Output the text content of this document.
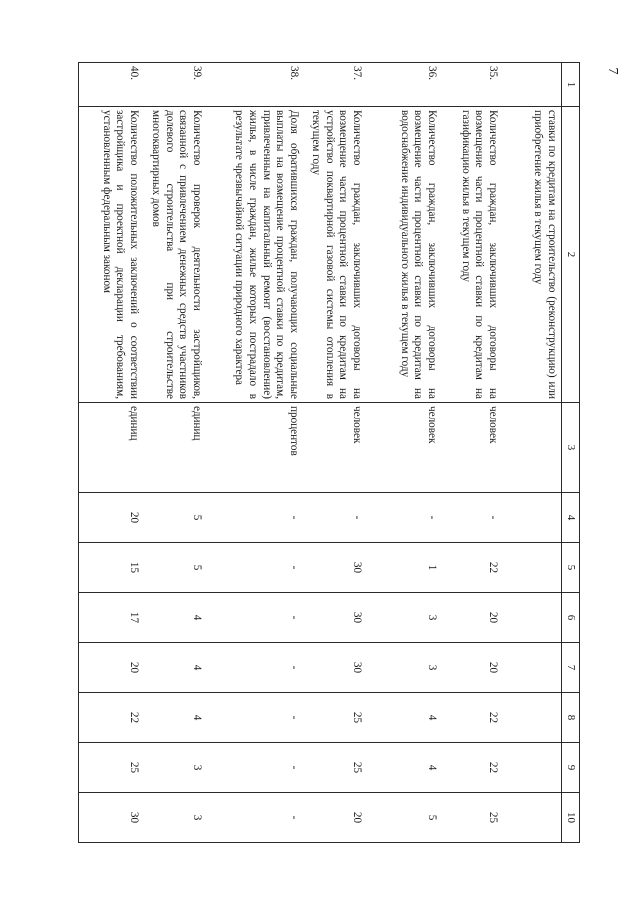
7
1	2	3	4	5	6	7	8	9	10
	ставки по кредитам на строительство (реконструкцию) или приобретение жилья в текущем году								
35.	Количество граждан, заключивших договоры на возмещение части процентной ставки по кредитам на газификацию жилья в текущем году	человек	-	22	20	20	22	22	25
36.	Количество граждан, заключивших договоры на возмещение части процентной ставки по кредитам на водоснабжение индивидуального жилья в текущем году	человек	-	1	3	3	4	4	5
37.	Количество граждан, заключивших договоры на возмещение части процентной ставки по кредитам на устройство поквартирной газовой системы отопления в текущем году	человек	-	30	30	30	25	25	20
38.	Доля обратившихся граждан, получающих социальные выплаты на возмещение процентной ставки по кредитам, привлеченным на капитальный ремонт (восстановление) жилья, в числе граждан, жилье которых пострадало в результате чрезвычайной ситуации природного характера	процентов	-	-	-	-	-	-	-
39.	Количество проверок деятельности застройщиков, связанной с привлечением денежных средств участников долевого строительства при строительстве многоквартирных домов	единиц	5	5	4	4	4	3	3
40.	Количество положительных заключений о соответствии застройщика и проектной декларации требованиям, установленным федеральным законом	единиц	20	15	17	20	22	25	30
